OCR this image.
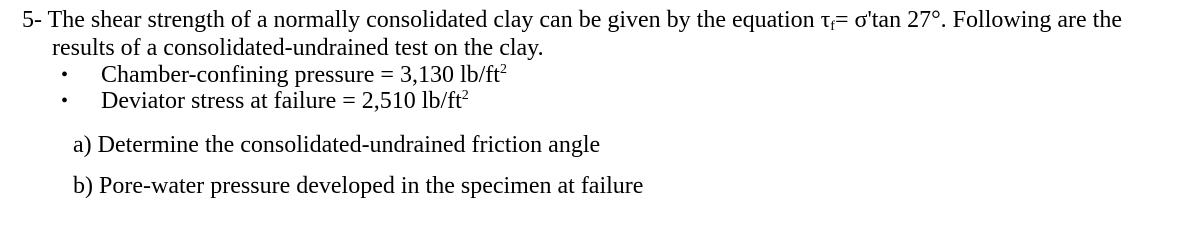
5- The shear strength of a normally consolidated clay can be given by the equation $\tau_f= \sigma'\tan$ 27°. Following are the
results of a consolidated-undrained test on the clay.
• Chamber-confining pressure = 3,130 $lb/ft^2$
• Deviator stress at failure = 2,510 $lb/ft^2$
a) Determine the consolidated-undrained friction angle
b) Pore-water pressure developed in the specimen at failure
